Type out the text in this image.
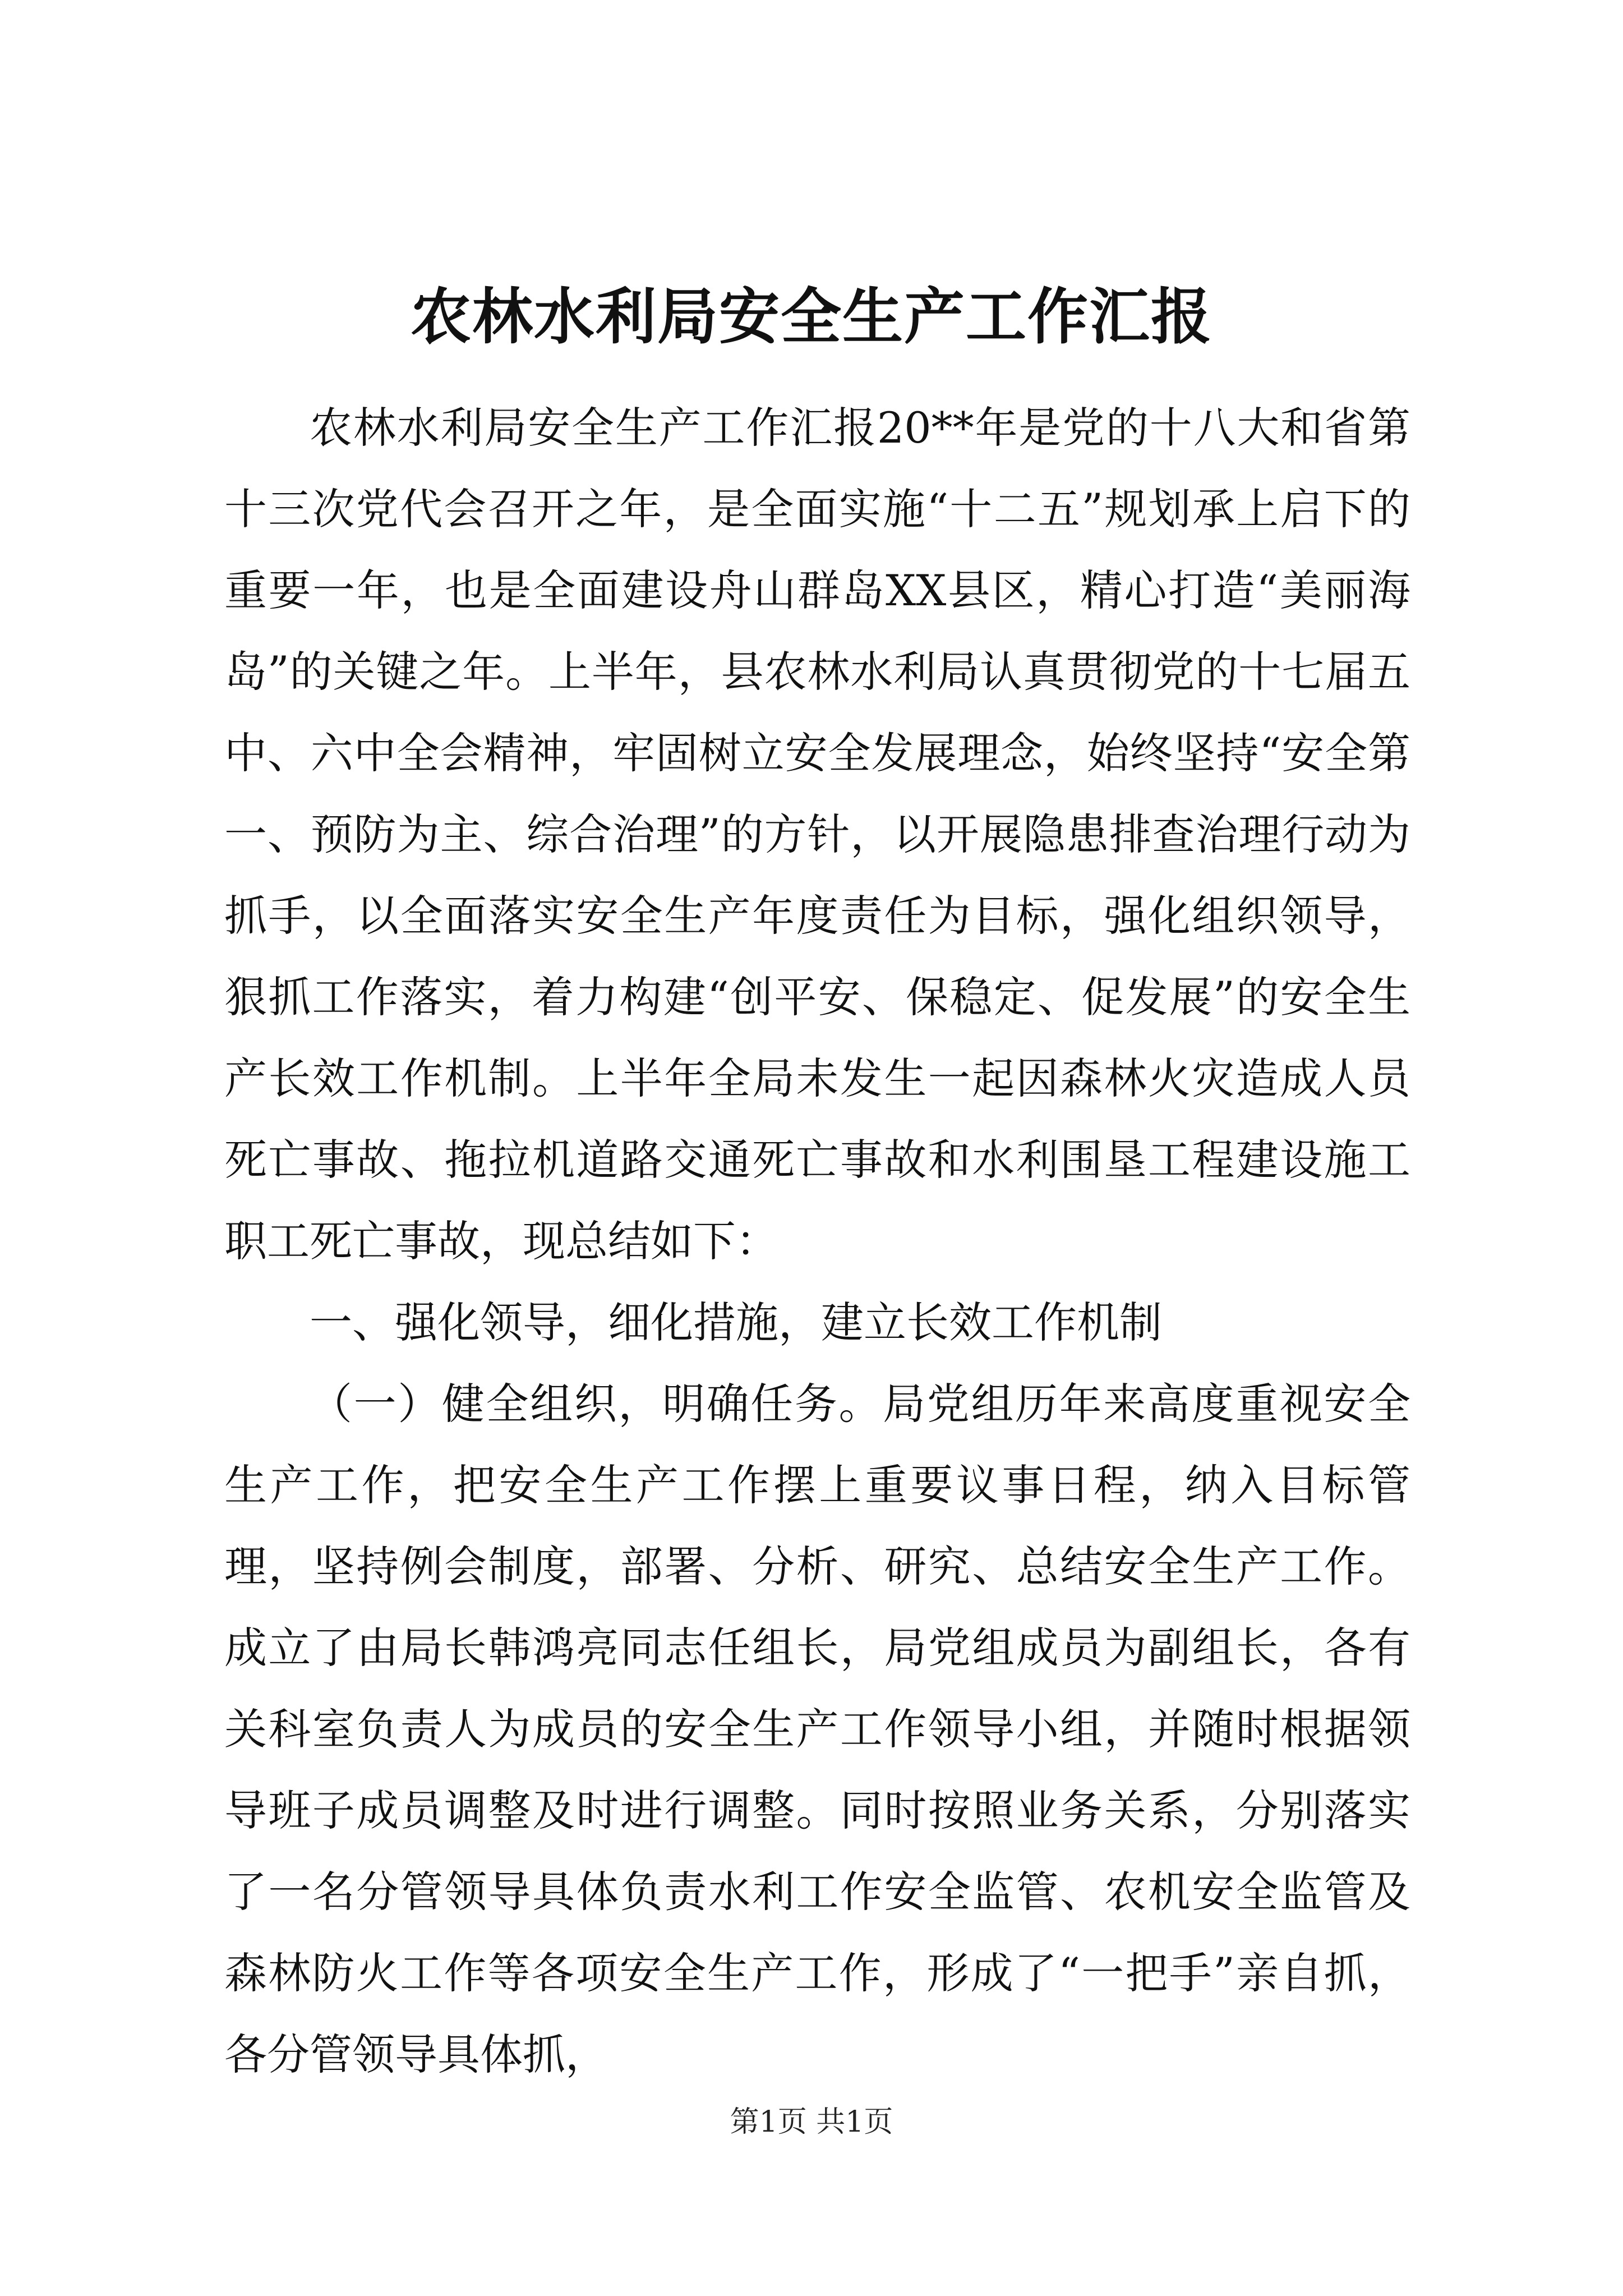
农林水利局安全生产工作汇报

农林水利局安全生产工作汇报20**年是党的十八大和省第十三次党代会召开之年，是全面实施“十二五”规划承上启下的重要一年，也是全面建设舟山群岛XX县区，精心打造“美丽海岛”的关键之年。上半年，县农林水利局认真贯彻党的十七届五中、六中全会精神，牢固树立安全发展理念，始终坚持“安全第一、预防为主、综合治理”的方针，以开展隐患排查治理行动为抓手，以全面落实安全生产年度责任为目标，强化组织领导，狠抓工作落实，着力构建“创平安、保稳定、促发展”的安全生产长效工作机制。上半年全局未发生一起因森林火灾造成人员死亡事故、拖拉机道路交通死亡事故和水利围垦工程建设施工职工死亡事故，现总结如下：

一、强化领导，细化措施，建立长效工作机制

（一）健全组织，明确任务。局党组历年来高度重视安全生产工作，把安全生产工作摆上重要议事日程，纳入目标管理，坚持例会制度，部署、分析、研究、总结安全生产工作。成立了由局长韩鸿亮同志任组长，局党组成员为副组长，各有关科室负责人为成员的安全生产工作领导小组，并随时根据领导班子成员调整及时进行调整。同时按照业务关系，分别落实了一名分管领导具体负责水利工作安全监管、农机安全监管及森林防火工作等各项安全生产工作，形成了“一把手”亲自抓，各分管领导具体抓，

第1页 共1页
